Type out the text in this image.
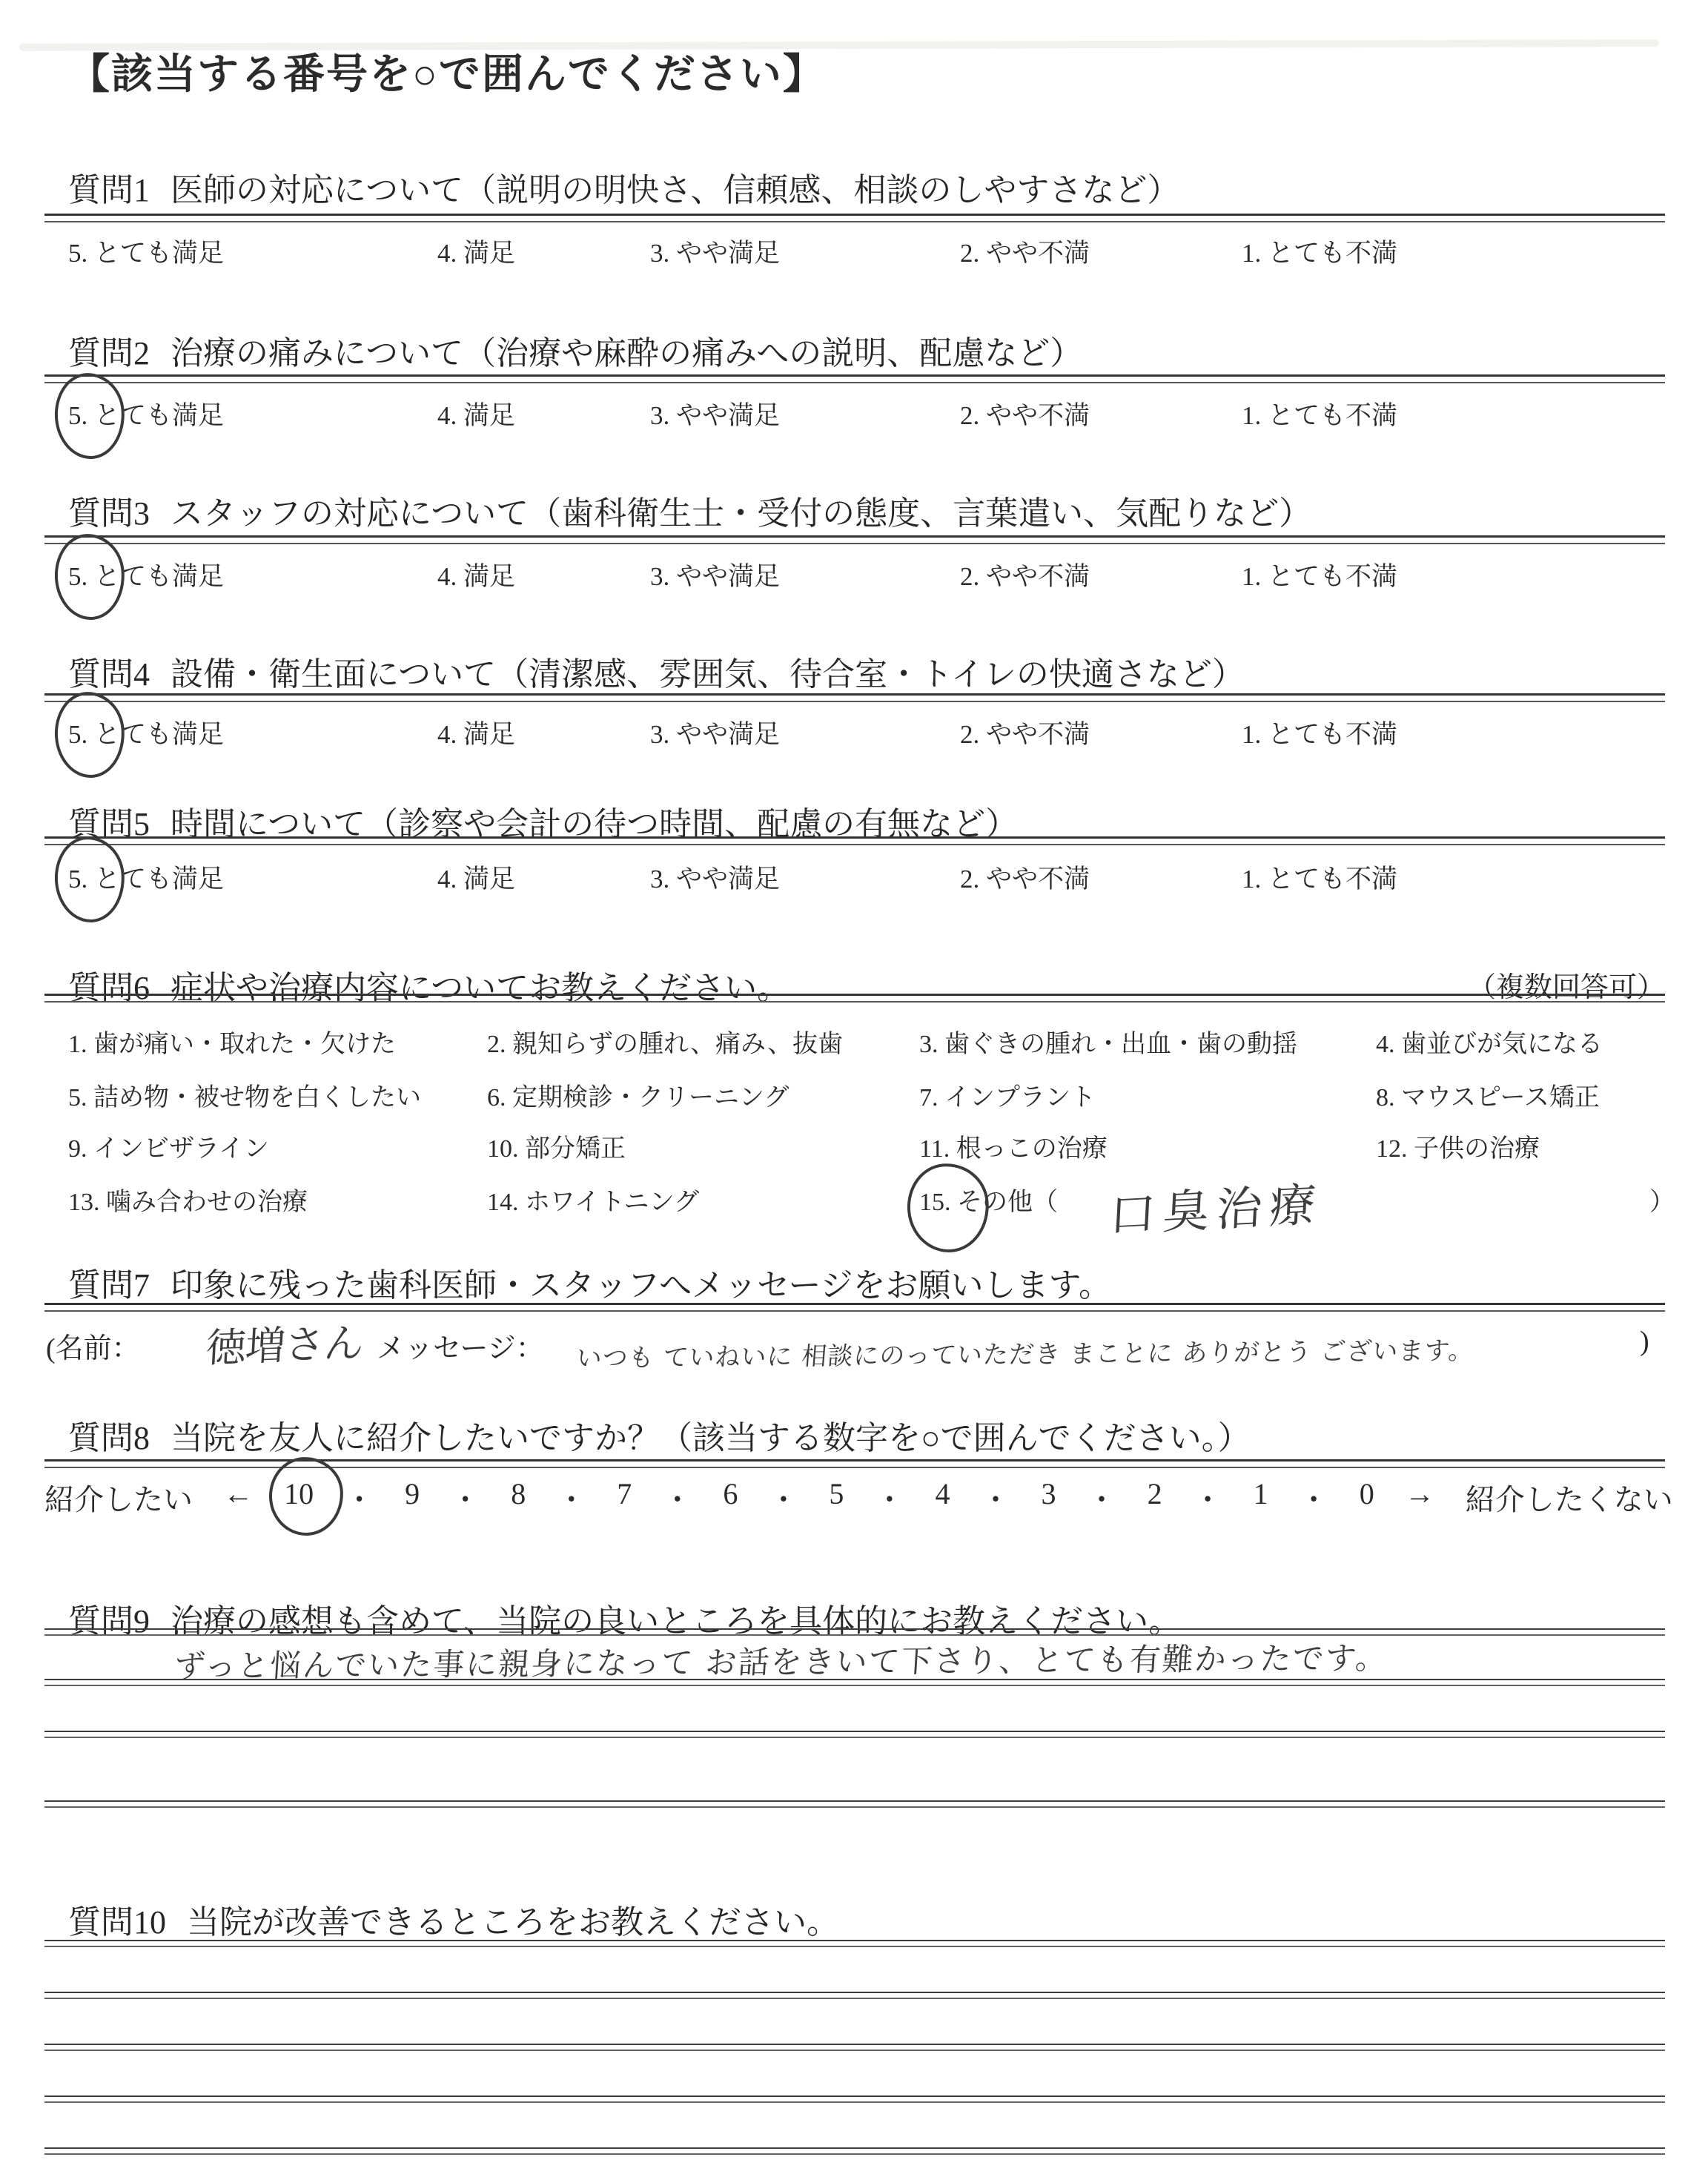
【該当する番号を○で囲んでください】
質問1 医師の対応について（説明の明快さ、信頼感、相談のしやすさなど）
5. とても満足	4. 満足	3. やや満足	2. やや不満	1. とても不満
質問2 治療の痛みについて（治療や麻酔の痛みへの説明、配慮など）
5. とても満足	4. 満足	3. やや満足	2. やや不満	1. とても不満
質問3 スタッフの対応について（歯科衛生士・受付の態度、言葉遣い、気配りなど）
5. とても満足	4. 満足	3. やや満足	2. やや不満	1. とても不満
質問4 設備・衛生面について（清潔感、雰囲気、待合室・トイレの快適さなど）
5. とても満足	4. 満足	3. やや満足	2. やや不満	1. とても不満
質問5 時間について（診察や会計の待つ時間、配慮の有無など）
5. とても満足	4. 満足	3. やや満足	2. やや不満	1. とても不満
質問6 症状や治療内容についてお教えください。	（複数回答可）
1. 歯が痛い・取れた・欠けた	2. 親知らずの腫れ、痛み、抜歯	3. 歯ぐきの腫れ・出血・歯の動揺	4. 歯並びが気になる
5. 詰め物・被せ物を白くしたい	6. 定期検診・クリーニング	7. インプラント	8. マウスピース矯正
9. インビザライン	10. 部分矯正	11. 根っこの治療	12. 子供の治療
13. 噛み合わせの治療	14. ホワイトニング	15. その他（ 口臭治療	）
質問7 印象に残った歯科医師・スタッフへメッセージをお願いします。
(名前： 徳増さん メッセージ： いつも ていねいに 相談にのっていただき まことに ありがとう ございます。	)
質問8 当院を友人に紹介したいですか？（該当する数字を○で囲んでください。）
紹介したい ← 10 ・ 9 ・ 8 ・ 7 ・ 6 ・ 5 ・ 4 ・ 3 ・ 2 ・ 1 ・ 0 → 紹介したくない
質問9 治療の感想も含めて、当院の良いところを具体的にお教えください。
ずっと悩んでいた事に親身になって お話をきいて下さり、とても有難かったです。
質問10 当院が改善できるところをお教えください。
